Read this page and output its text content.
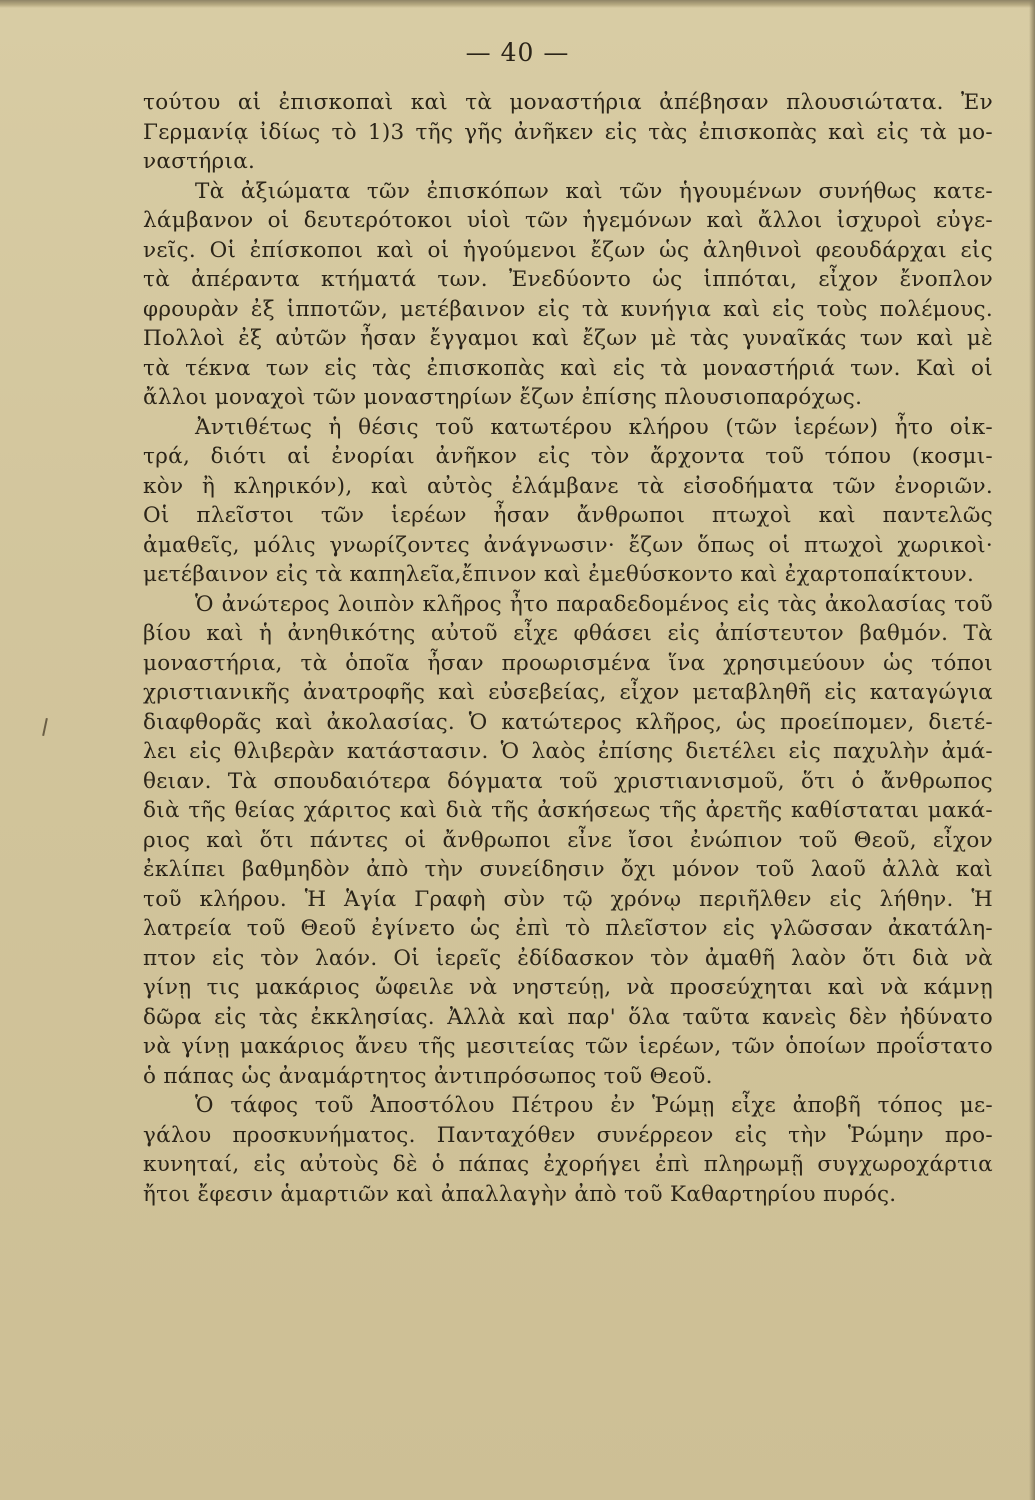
— 40 —
τούτου αἱ ἐπισκοπαὶ καὶ τὰ μοναστήρια ἀπέβησαν πλουσιώτατα. Ἐν
Γερμανίᾳ ἰδίως τὸ 1)3 τῆς γῆς ἀνῆκεν εἰς τὰς ἐπισκοπὰς καὶ εἰς τὰ μο-
ναστήρια.
Τὰ ἀξιώματα τῶν ἐπισκόπων καὶ τῶν ἡγουμένων συνήθως κατε-
λάμβανον οἱ δευτερότοκοι υἱοὶ τῶν ἡγεμόνων καὶ ἄλλοι ἰσχυροὶ εὐγε-
νεῖς. Οἱ ἐπίσκοποι καὶ οἱ ἡγούμενοι ἔζων ὡς ἀληθινοὶ φεουδάρχαι εἰς
τὰ ἀπέραντα κτήματά των. Ἐνεδύοντο ὡς ἱππόται, εἶχον ἔνοπλον
φρουρὰν ἐξ ἱπποτῶν, μετέβαινον εἰς τὰ κυνήγια καὶ εἰς τοὺς πολέμους.
Πολλοὶ ἐξ αὐτῶν ἦσαν ἔγγαμοι καὶ ἔζων μὲ τὰς γυναῖκάς των καὶ μὲ
τὰ τέκνα των εἰς τὰς ἐπισκοπὰς καὶ εἰς τὰ μοναστήριά των. Καὶ οἱ
ἄλλοι μοναχοὶ τῶν μοναστηρίων ἔζων ἐπίσης πλουσιοπαρόχως.
Ἀντιθέτως ἡ θέσις τοῦ κατωτέρου κλήρου (τῶν ἱερέων) ἦτο οἰκ-
τρά, διότι αἱ ἐνορίαι ἀνῆκον εἰς τὸν ἄρχοντα τοῦ τόπου (κοσμι-
κὸν ἢ κληρικόν), καὶ αὐτὸς ἐλάμβανε τὰ εἰσοδήματα τῶν ἐνοριῶν.
Οἱ πλεῖστοι τῶν ἱερέων ἦσαν ἄνθρωποι πτωχοὶ καὶ παντελῶς
ἀμαθεῖς, μόλις γνωρίζοντες ἀνάγνωσιν· ἔζων ὅπως οἱ πτωχοὶ χωρικοὶ·
μετέβαινον εἰς τὰ καπηλεῖα,ἔπινον καὶ ἐμεθύσκοντο καὶ ἐχαρτοπαίκτουν.
Ὁ ἀνώτερος λοιπὸν κλῆρος ἦτο παραδεδομένος εἰς τὰς ἀκολασίας τοῦ
βίου καὶ ἡ ἀνηθικότης αὐτοῦ εἶχε φθάσει εἰς ἀπίστευτον βαθμόν. Τὰ
μοναστήρια, τὰ ὁποῖα ἦσαν προωρισμένα ἵνα χρησιμεύουν ὡς τόποι
χριστιανικῆς ἀνατροφῆς καὶ εὐσεβείας, εἶχον μεταβληθῆ εἰς καταγώγια
διαφθορᾶς καὶ ἀκολασίας. Ὁ κατώτερος κλῆρος, ὡς προείπομεν, διετέ-
λει εἰς θλιβερὰν κατάστασιν. Ὁ λαὸς ἐπίσης διετέλει εἰς παχυλὴν ἀμά-
θειαν. Τὰ σπουδαιότερα δόγματα τοῦ χριστιανισμοῦ, ὅτι ὁ ἄνθρωπος
διὰ τῆς θείας χάριτος καὶ διὰ τῆς ἀσκήσεως τῆς ἀρετῆς καθίσταται μακά-
ριος καὶ ὅτι πάντες οἱ ἄνθρωποι εἶνε ἴσοι ἐνώπιον τοῦ Θεοῦ, εἶχον
ἐκλίπει βαθμηδὸν ἀπὸ τὴν συνείδησιν ὄχι μόνον τοῦ λαοῦ ἀλλὰ καὶ
τοῦ κλήρου. Ἡ Ἁγία Γραφὴ σὺν τῷ χρόνῳ περιῆλθεν εἰς λήθην. Ἡ
λατρεία τοῦ Θεοῦ ἐγίνετο ὡς ἐπὶ τὸ πλεῖστον εἰς γλῶσσαν ἀκατάλη-
πτον εἰς τὸν λαόν. Οἱ ἱερεῖς ἐδίδασκον τὸν ἀμαθῆ λαὸν ὅτι διὰ νὰ
γίνῃ τις μακάριος ὤφειλε νὰ νηστεύῃ, νὰ προσεύχηται καὶ νὰ κάμνῃ
δῶρα εἰς τὰς ἐκκλησίας. Ἀλλὰ καὶ παρ' ὅλα ταῦτα κανεὶς δὲν ἠδύνατο
νὰ γίνῃ μακάριος ἄνευ τῆς μεσιτείας τῶν ἱερέων, τῶν ὁποίων προΐστατο
ὁ πάπας ὡς ἀναμάρτητος ἀντιπρόσωπος τοῦ Θεοῦ.
Ὁ τάφος τοῦ Ἀποστόλου Πέτρου ἐν Ῥώμῃ εἶχε ἀποβῆ τόπος με-
γάλου προσκυνήματος. Πανταχόθεν συνέρρεον εἰς τὴν Ῥώμην προ-
κυνηταί, εἰς αὐτοὺς δὲ ὁ πάπας ἐχορήγει ἐπὶ πληρωμῇ συγχωροχάρτια
ἤτοι ἔφεσιν ἁμαρτιῶν καὶ ἀπαλλαγὴν ἀπὸ τοῦ Καθαρτηρίου πυρός.
